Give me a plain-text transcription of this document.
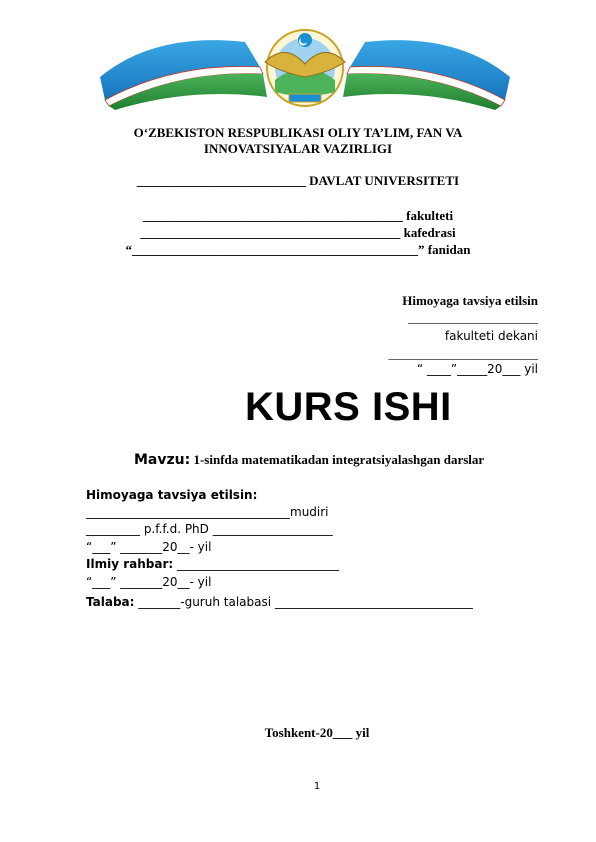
O‘ZBEKISTON RESPUBLIKASI OLIY TA’LIM, FAN VA
INNOVATSIYALAR VAZIRLIGI
__________________________ DAVLAT UNIVERSITETI
________________________________________ fakulteti
________________________________________ kafedrasi
“____________________________________________” fanidan
Himoyaga tavsiya etilsin
____________________
fakulteti dekani
_______________________
“ ____”_____20___ yil
KURS ISHI
Mavzu: 1-sinfda matematikadan integratsiyalashgan darslar
Himoyaga tavsiya etilsin:
__________________________________mudiri
_________ p.f.f.d. PhD ____________________
“___” _______20__- yil
Ilmiy rahbar: ___________________________
“___” _______20__- yil
Talaba: _______-guruh talabasi _________________________________
Toshkent-20___ yil
1
